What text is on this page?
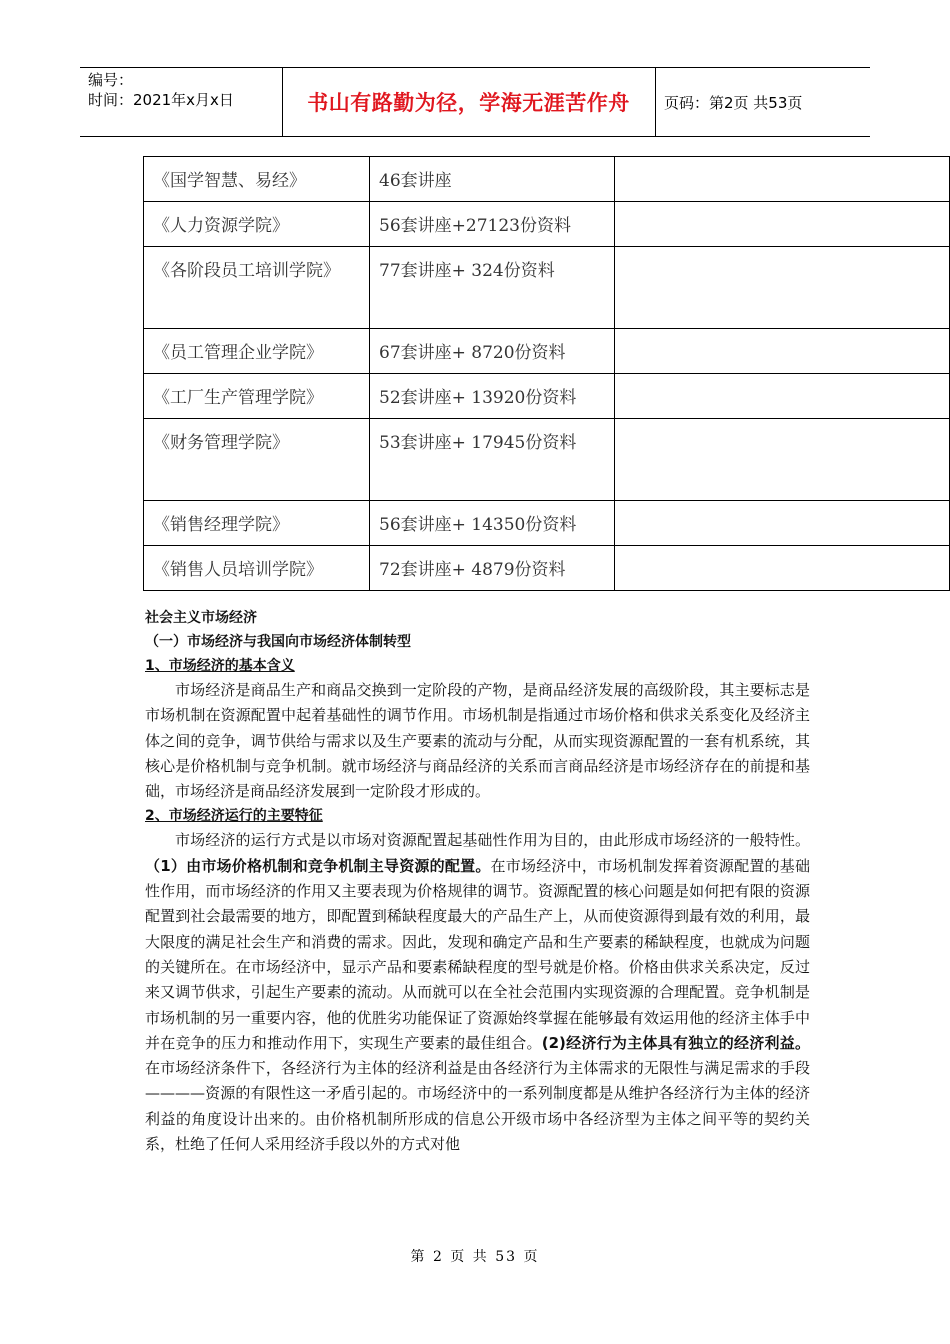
编号：
时间：2021年x月x日	书山有路勤为径，学海无涯苦作舟	页码：第2页 共53页
《国学智慧、易经》	46套讲座	
《人力资源学院》	56套讲座+27123份资料	
《各阶段员工培训学院》	77套讲座+ 324份资料	
《员工管理企业学院》	67套讲座+ 8720份资料	
《工厂生产管理学院》	52套讲座+ 13920份资料	
《财务管理学院》	53套讲座+ 17945份资料	
《销售经理学院》	56套讲座+ 14350份资料	
《销售人员培训学院》	72套讲座+ 4879份资料	

社会主义市场经济

（一）市场经济与我国向市场经济体制转型

1、市场经济的基本含义

市场经济是商品生产和商品交换到一定阶段的产物，是商品经济发展的高级阶段，其主要标志是市场机制在资源配置中起着基础性的调节作用。市场机制是指通过市场价格和供求关系变化及经济主体之间的竞争，调节供给与需求以及生产要素的流动与分配，从而实现资源配置的一套有机系统，其核心是价格机制与竞争机制。就市场经济与商品经济的关系而言商品经济是市场经济存在的前提和基础，市场经济是商品经济发展到一定阶段才形成的。

2、市场经济运行的主要特征

市场经济的运行方式是以市场对资源配置起基础性作用为目的，由此形成市场经济的一般特性。（1）由市场价格机制和竞争机制主导资源的配置。在市场经济中，市场机制发挥着资源配置的基础性作用，而市场经济的作用又主要表现为价格规律的调节。资源配置的核心问题是如何把有限的资源配置到社会最需要的地方，即配置到稀缺程度最大的产品生产上，从而使资源得到最有效的利用，最大限度的满足社会生产和消费的需求。因此，发现和确定产品和生产要素的稀缺程度，也就成为问题的关键所在。在市场经济中，显示产品和要素稀缺程度的型号就是价格。价格由供求关系决定，反过来又调节供求，引起生产要素的流动。从而就可以在全社会范围内实现资源的合理配置。竞争机制是市场机制的另一重要内容，他的优胜劣功能保证了资源始终掌握在能够最有效运用他的经济主体手中并在竞争的压力和推动作用下，实现生产要素的最佳组合。(2)经济行为主体具有独立的经济利益。在市场经济条件下，各经济行为主体的经济利益是由各经济行为主体需求的无限性与满足需求的手段————资源的有限性这一矛盾引起的。市场经济中的一系列制度都是从维护各经济行为主体的经济利益的角度设计出来的。由价格机制所形成的信息公开级市场中各经济型为主体之间平等的契约关系，杜绝了任何人采用经济手段以外的方式对他

第 2 页 共 53 页
